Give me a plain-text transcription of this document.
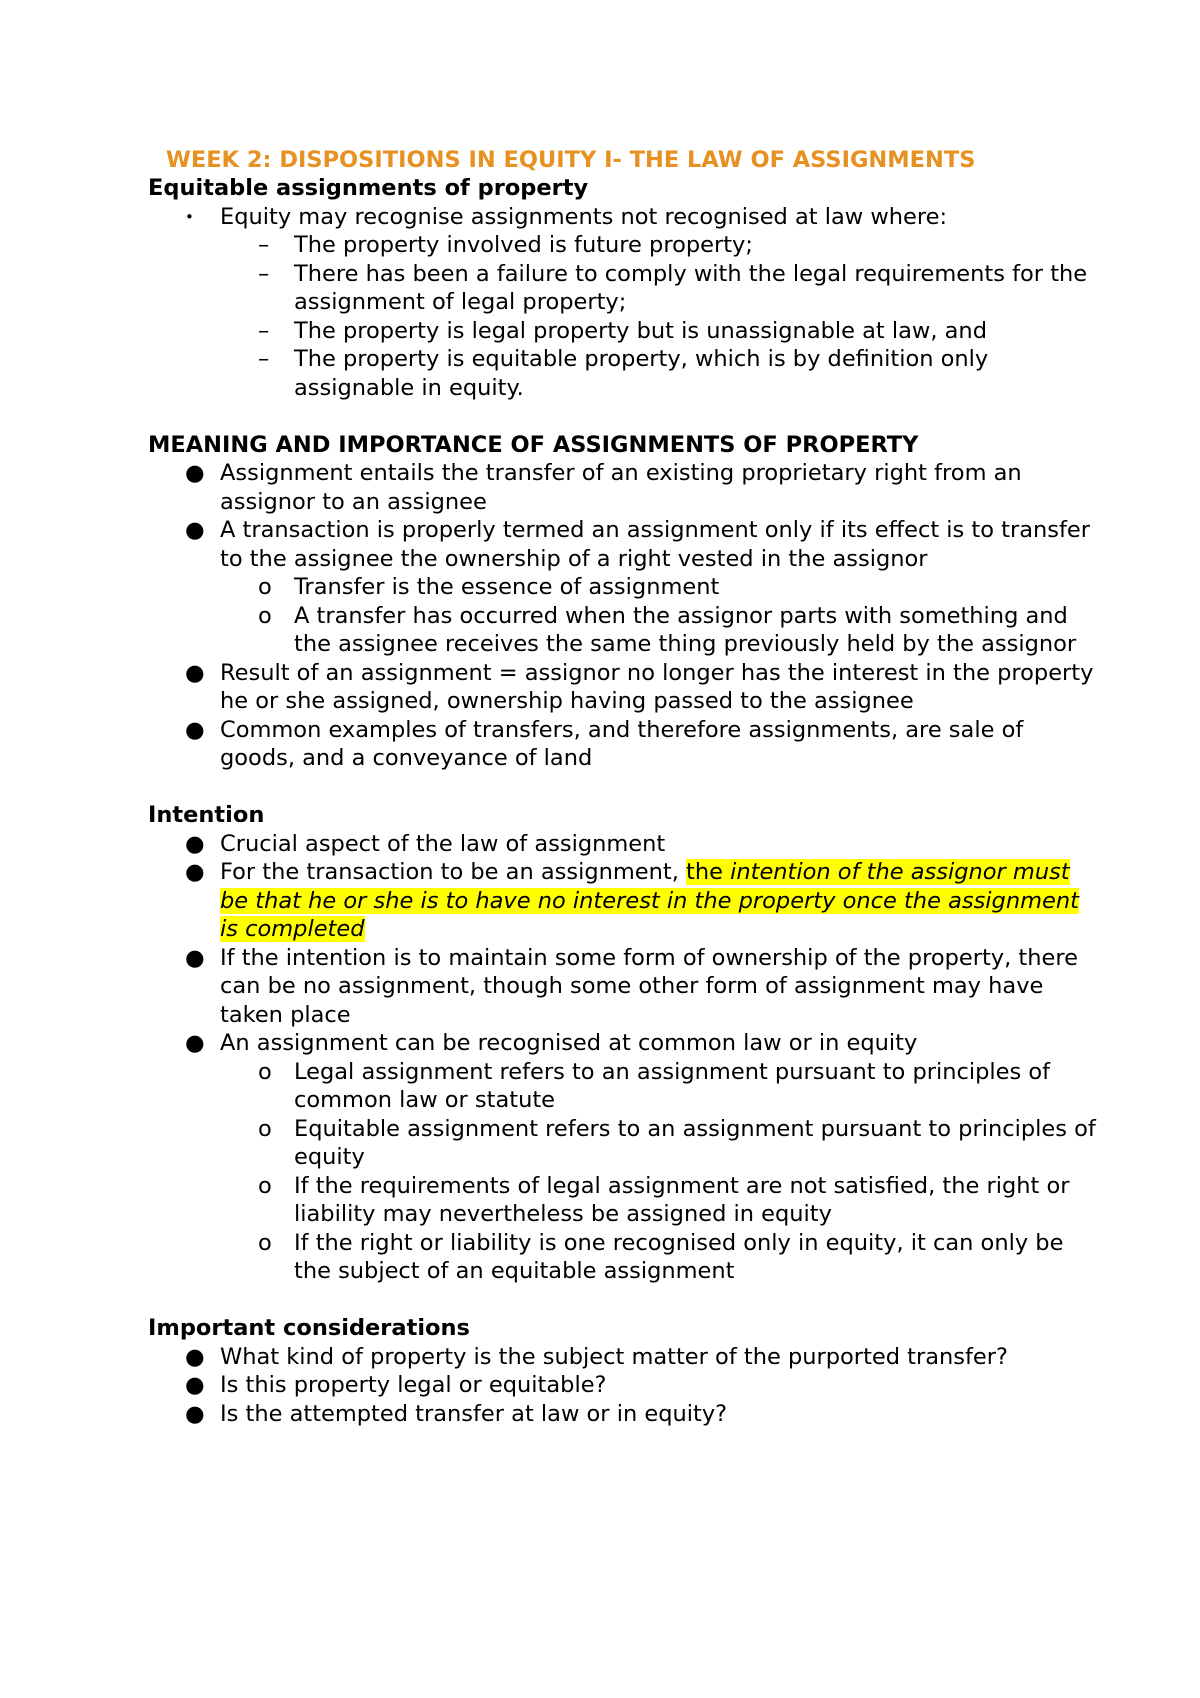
WEEK 2: DISPOSITIONS IN EQUITY I- THE LAW OF ASSIGNMENTS
Equitable assignments of property
• Equity may recognise assignments not recognised at law where:
– The property involved is future property;
– There has been a failure to comply with the legal requirements for the assignment of legal property;
– The property is legal property but is unassignable at law, and
– The property is equitable property, which is by definition only assignable in equity.
MEANING AND IMPORTANCE OF ASSIGNMENTS OF PROPERTY
● Assignment entails the transfer of an existing proprietary right from an assignor to an assignee
● A transaction is properly termed an assignment only if its effect is to transfer to the assignee the ownership of a right vested in the assignor
o Transfer is the essence of assignment
o A transfer has occurred when the assignor parts with something and the assignee receives the same thing previously held by the assignor
● Result of an assignment = assignor no longer has the interest in the property he or she assigned, ownership having passed to the assignee
● Common examples of transfers, and therefore assignments, are sale of goods, and a conveyance of land
Intention
● Crucial aspect of the law of assignment
● For the transaction to be an assignment, the intention of the assignor must be that he or she is to have no interest in the property once the assignment is completed
● If the intention is to maintain some form of ownership of the property, there can be no assignment, though some other form of assignment may have taken place
● An assignment can be recognised at common law or in equity
o Legal assignment refers to an assignment pursuant to principles of common law or statute
o Equitable assignment refers to an assignment pursuant to principles of equity
o If the requirements of legal assignment are not satisfied, the right or liability may nevertheless be assigned in equity
o If the right or liability is one recognised only in equity, it can only be the subject of an equitable assignment
Important considerations
● What kind of property is the subject matter of the purported transfer?
● Is this property legal or equitable?
● Is the attempted transfer at law or in equity?
